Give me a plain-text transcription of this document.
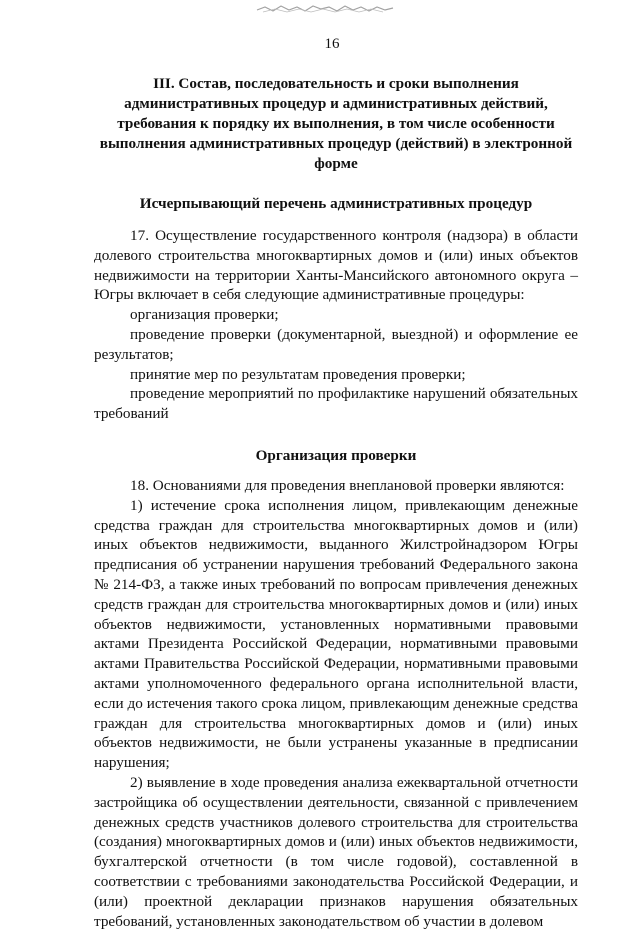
16
III. Состав, последовательность и сроки выполнения административных процедур и административных действий, требования к порядку их выполнения, в том числе особенности выполнения административных процедур (действий) в электронной форме
Исчерпывающий перечень административных процедур

17. Осуществление государственного контроля (надзора) в области долевого строительства многоквартирных домов и (или) иных объектов недвижимости на территории Ханты-Мансийского автономного округа – Югры включает в себя следующие административные процедуры:

организация проверки;

проведение проверки (документарной, выездной) и оформление ее результатов;

принятие мер по результатам проведения проверки;

проведение мероприятий по профилактике нарушений обязательных требований

Организация проверки

18. Основаниями для проведения внеплановой проверки являются:

1) истечение срока исполнения лицом, привлекающим денежные средства граждан для строительства многоквартирных домов и (или) иных объектов недвижимости, выданного Жилстройнадзором Югры предписания об устранении нарушения требований Федерального закона № 214-ФЗ, а также иных требований по вопросам привлечения денежных средств граждан для строительства многоквартирных домов и (или) иных объектов недвижимости, установленных нормативными правовыми актами Президента Российской Федерации, нормативными правовыми актами Правительства Российской Федерации, нормативными правовыми актами уполномоченного федерального органа исполнительной власти, если до истечения такого срока лицом, привлекающим денежные средства граждан для строительства многоквартирных домов и (или) иных объектов недвижимости, не были устранены указанные в предписании нарушения;

2) выявление в ходе проведения анализа ежеквартальной отчетности застройщика об осуществлении деятельности, связанной с привлечением денежных средств участников долевого строительства для строительства (создания) многоквартирных домов и (или) иных объектов недвижимости, бухгалтерской отчетности (в том числе годовой), составленной в соответствии с требованиями законодательства Российской Федерации, и (или) проектной декларации признаков нарушения обязательных требований, установленных законодательством об участии в долевом
